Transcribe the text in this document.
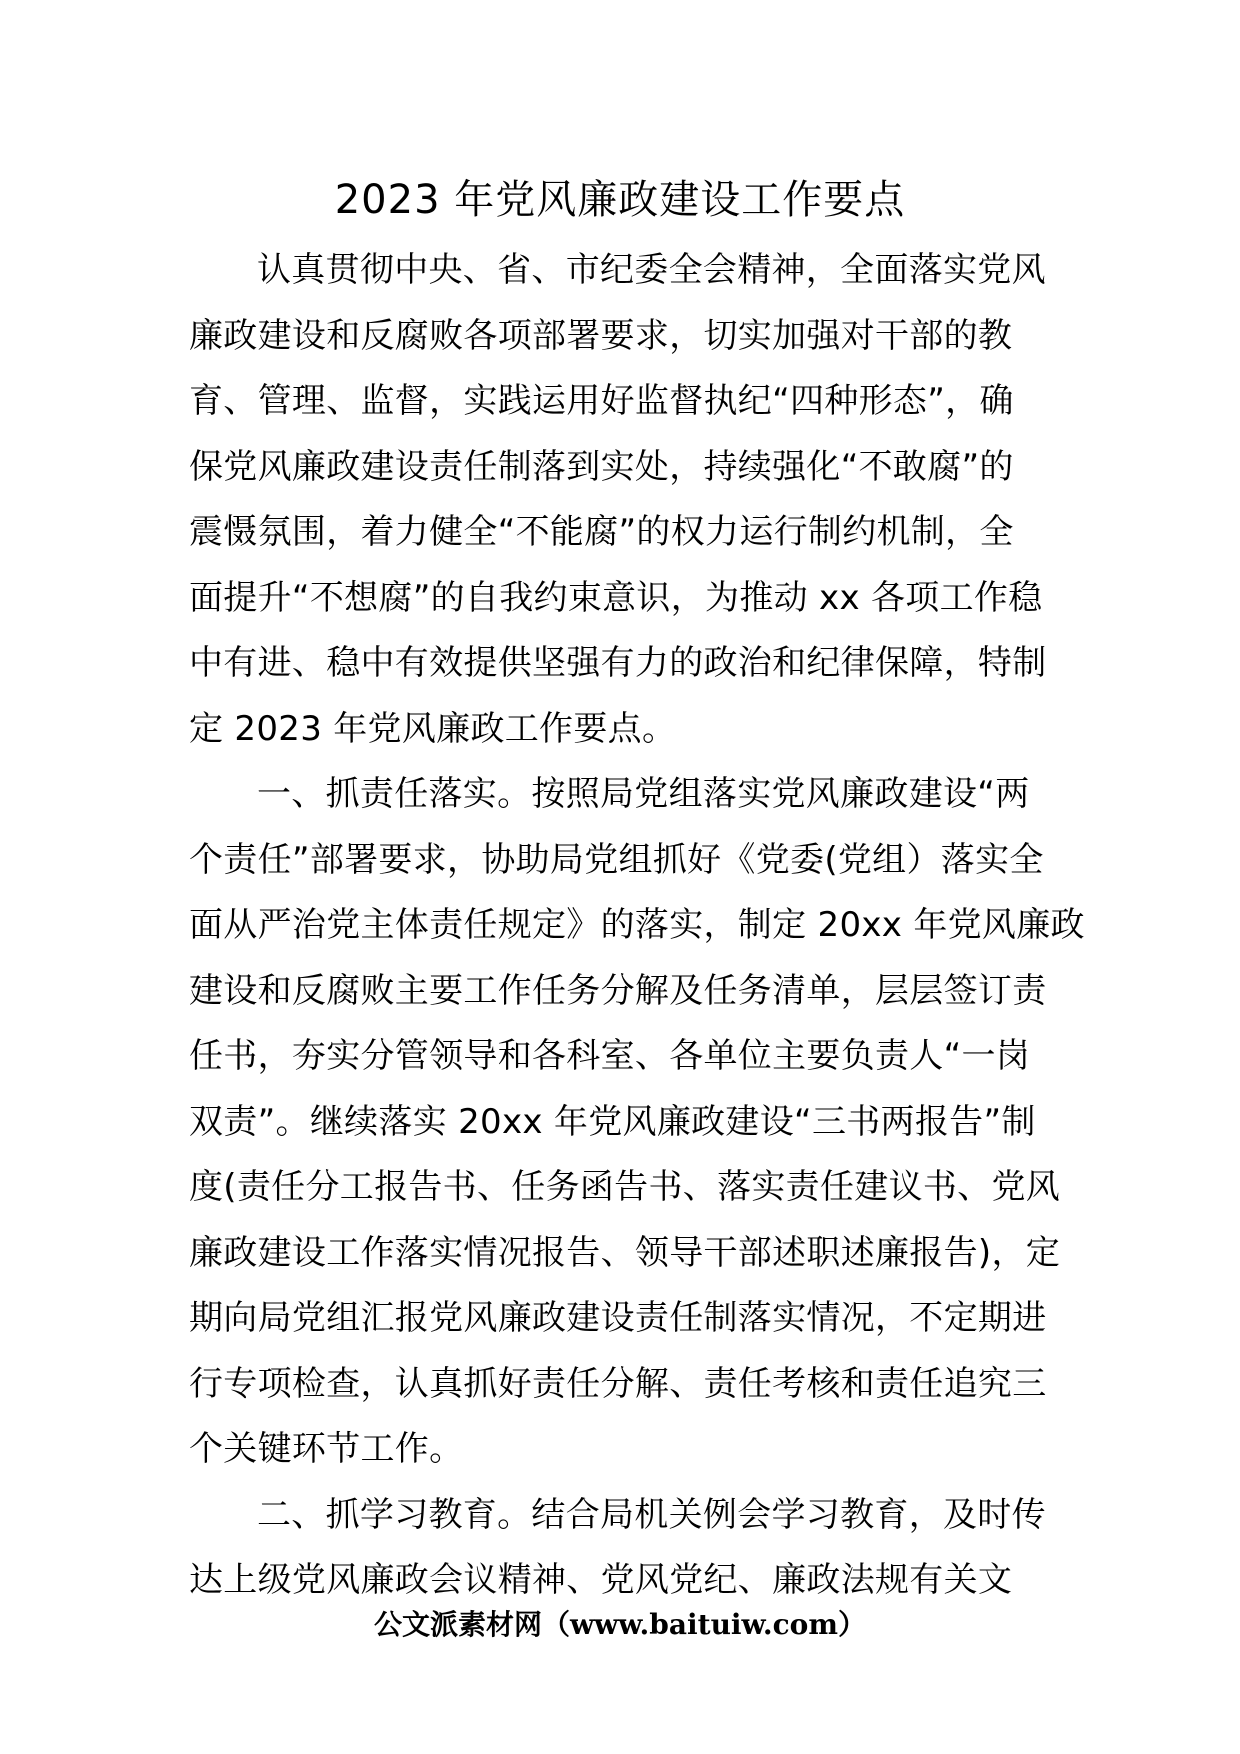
2023 年党风廉政建设工作要点
认真贯彻中央、省、市纪委全会精神，全面落实党风
廉政建设和反腐败各项部署要求，切实加强对干部的教
育、管理、监督，实践运用好监督执纪“四种形态”，确
保党风廉政建设责任制落到实处，持续强化“不敢腐”的
震慑氛围，着力健全“不能腐”的权力运行制约机制，全
面提升“不想腐”的自我约束意识，为推动 xx 各项工作稳
中有进、稳中有效提供坚强有力的政治和纪律保障，特制
定 2023 年党风廉政工作要点。
一、抓责任落实。按照局党组落实党风廉政建设“两
个责任”部署要求，协助局党组抓好《党委(党组）落实全
面从严治党主体责任规定》的落实，制定 20xx 年党风廉政
建设和反腐败主要工作任务分解及任务清单，层层签订责
任书，夯实分管领导和各科室、各单位主要负责人“一岗
双责”。继续落实 20xx 年党风廉政建设“三书两报告”制
度(责任分工报告书、任务函告书、落实责任建议书、党风
廉政建设工作落实情况报告、领导干部述职述廉报告)，定
期向局党组汇报党风廉政建设责任制落实情况，不定期进
行专项检查，认真抓好责任分解、责任考核和责任追究三
个关键环节工作。
二、抓学习教育。结合局机关例会学习教育，及时传
达上级党风廉政会议精神、党风党纪、廉政法规有关文
公文派素材网（www.baituiw.com）
